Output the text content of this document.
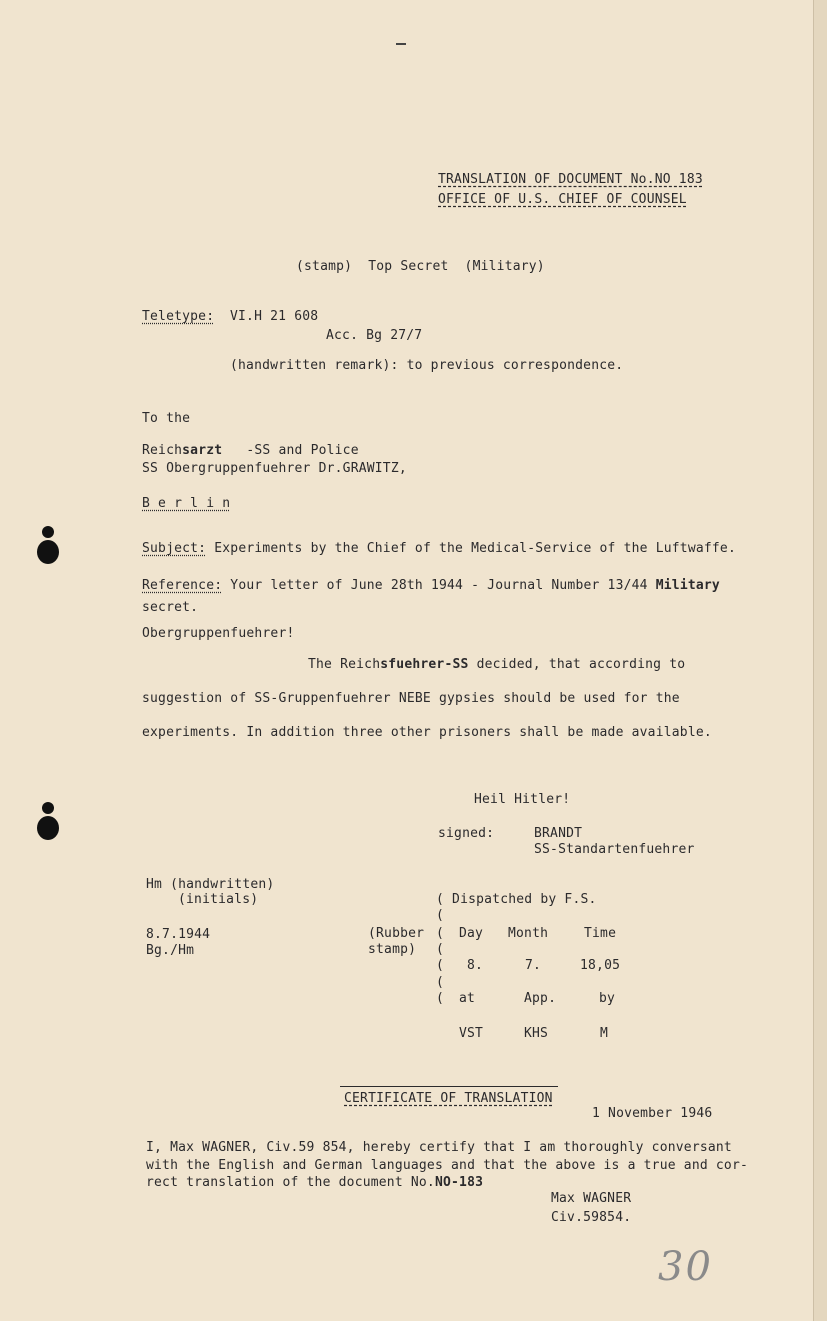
TRANSLATION OF DOCUMENT No.NO 183
OFFICE OF U.S. CHIEF OF COUNSEL
(stamp)  Top Secret  (Military)
Teletype: VI.H 21 608
Acc. Bg 27/7
(handwritten remark): to previous correspondence.
To the
Reichsarzt   -SS and Police
SS Obergruppenfuehrer Dr.GRAWITZ,
B e r l i n
Subject: Experiments by the Chief of the Medical-Service of the Luftwaffe.
Reference: Your letter of June 28th 1944 - Journal Number 13/44 Military
secret.
Obergruppenfuehrer!
The Reichsfuehrer-SS decided, that according to
suggestion of SS-Gruppenfuehrer NEBE gypsies should be used for the
experiments. In addition three other prisoners shall be made available.
Heil Hitler!
signed:	BRANDT
SS-Standartenfuehrer
Hm (handwritten)
(initials)
8.7.1944
Bg./Hm
( Dispatched by F.S.
(
(Rubber
stamp)
( Day Month	Time
(
( 8.	7.	18,05
(
( at	App.	by
VST	KHS	M
CERTIFICATE OF TRANSLATION
1 November 1946
I, Max WAGNER, Civ.59 854, hereby certify that I am thoroughly conversant
with the English and German languages and that the above is a true and cor-
rect translation of the document No.NO-183
Max WAGNER
Civ.59854.
30
